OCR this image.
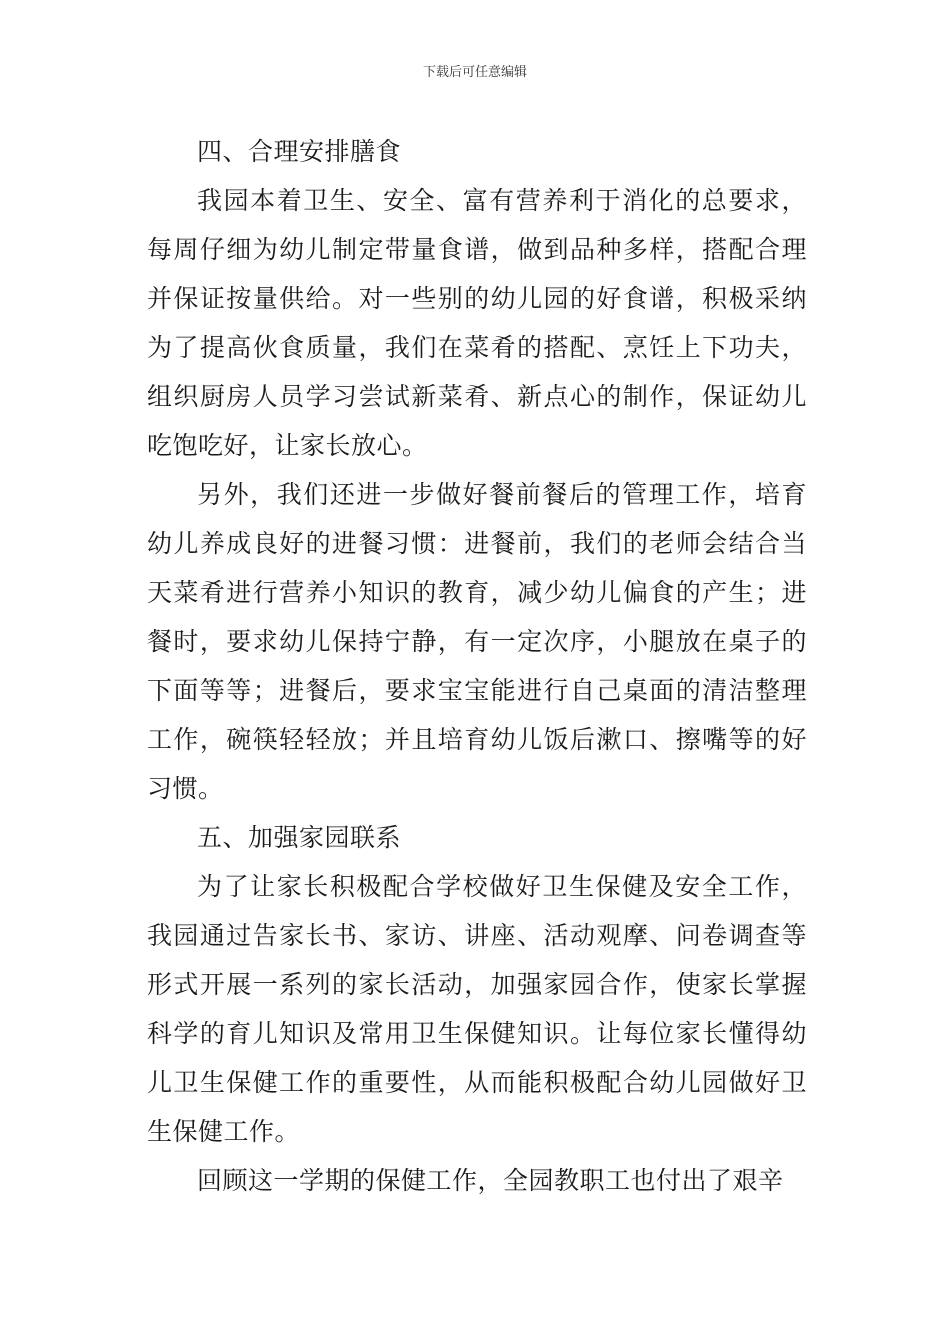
下载后可任意编辑

四、合理安排膳食

我园本着卫生、安全、富有营养利于消化的总要求，每周仔细为幼儿制定带量食谱，做到品种多样，搭配合理并保证按量供给。对一些别的幼儿园的好食谱，积极采纳为了提高伙食质量，我们在菜肴的搭配、烹饪上下功夫，组织厨房人员学习尝试新菜肴、新点心的制作，保证幼儿吃饱吃好，让家长放心。

另外，我们还进一步做好餐前餐后的管理工作，培育幼儿养成良好的进餐习惯：进餐前，我们的老师会结合当天菜肴进行营养小知识的教育，减少幼儿偏食的产生；进餐时，要求幼儿保持宁静，有一定次序，小腿放在桌子的下面等等；进餐后，要求宝宝能进行自己桌面的清洁整理工作，碗筷轻轻放；并且培育幼儿饭后漱口、擦嘴等的好习惯。

五、加强家园联系

为了让家长积极配合学校做好卫生保健及安全工作，我园通过告家长书、家访、讲座、活动观摩、问卷调查等形式开展一系列的家长活动，加强家园合作，使家长掌握科学的育儿知识及常用卫生保健知识。让每位家长懂得幼儿卫生保健工作的重要性，从而能积极配合幼儿园做好卫生保健工作。

回顾这一学期的保健工作，全园教职工也付出了艰辛
